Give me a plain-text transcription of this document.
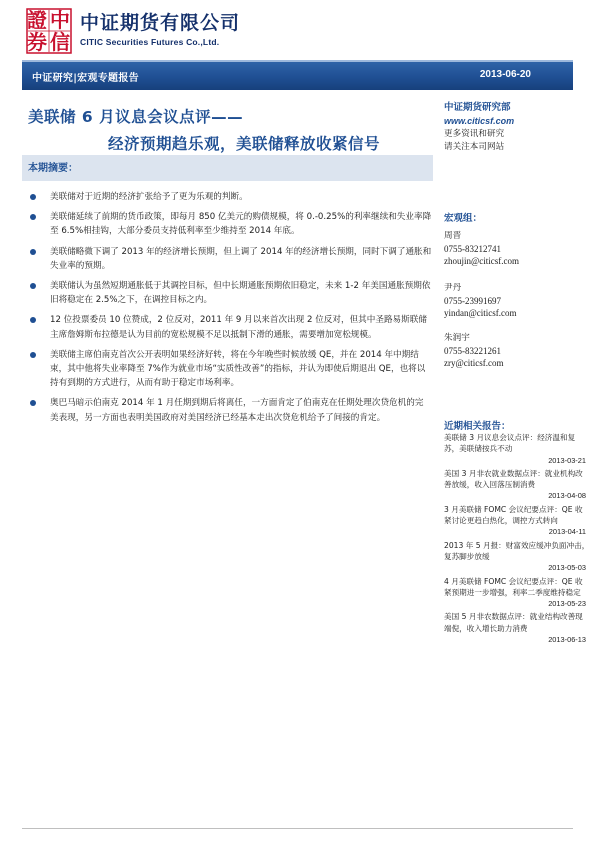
證 中
券 信
中证期货有限公司
CITIC Securities Futures Co.,Ltd.
中证研究|宏观专题报告	2013-06-20
美联储 6 月议息会议点评——
经济预期趋乐观，美联储释放收紧信号
本期摘要：
美联储对于近期的经济扩张给予了更为乐观的判断。
美联储延续了前期的货币政策，即每月 850 亿美元的购债规模，将 0.-0.25%的利率继续和失业率降至 6.5%相挂钩，大部分委员支持低利率至少维持至 2014 年底。
美联储略微下调了 2013 年的经济增长预期，但上调了 2014 年的经济增长预期，同时下调了通胀和失业率的预期。
美联储认为虽然短期通胀低于其调控目标，但中长期通胀预期依旧稳定，未来 1-2 年美国通胀预期依旧将稳定在 2.5%之下，在调控目标之内。
12 位投票委员 10 位赞成，2 位反对，2011 年 9 月以来首次出现 2 位反对，但其中圣路易斯联储主席詹姆斯布拉德是认为目前的宽松规模不足以抵制下滑的通胀，需要增加宽松规模。
美联储主席伯南克首次公开表明如果经济好转，将在今年晚些时候放缓 QE，并在 2014 年中期结束，其中他将失业率降至 7%作为就业市场“实质性改善”的指标，并认为即使后期退出 QE，也将以持有到期的方式进行，从而有助于稳定市场利率。
奥巴马暗示伯南克 2014 年 1 月任期到期后将离任，一方面肯定了伯南克在任期处理次贷危机的完美表现，另一方面也表明美国政府对美国经济已经基本走出次贷危机给予了间接的肯定。
中证期货研究部
www.citicsf.com
更多资讯和研究
请关注本司网站
宏观组：
周晋
0755-83212741
zhoujin@citicsf.com
尹丹
0755-23991697
yindan@citicsf.com
朱润宇
0755-83221261
zry@citicsf.com
近期相关报告：
美联储 3 月议息会议点评：经济温和复苏，美联储按兵不动
2013-03-21
美国 3 月非农就业数据点评：就业机构改善放缓，收入回落压制消费
2013-04-08
3 月美联储 FOMC 会议纪要点评：QE 收紧讨论更趋白热化，调控方式转向
2013-04-11
2013 年 5 月报：财富效应缓冲负面冲击，复苏脚步放缓
2013-05-03
4 月美联储 FOMC 会议纪要点评：QE 收紧预期进一步增强，利率二季度维持稳定
2013-05-23
美国 5 月非农数据点评：就业结构改善现端倪，收入增长助力消费
2013-06-13
